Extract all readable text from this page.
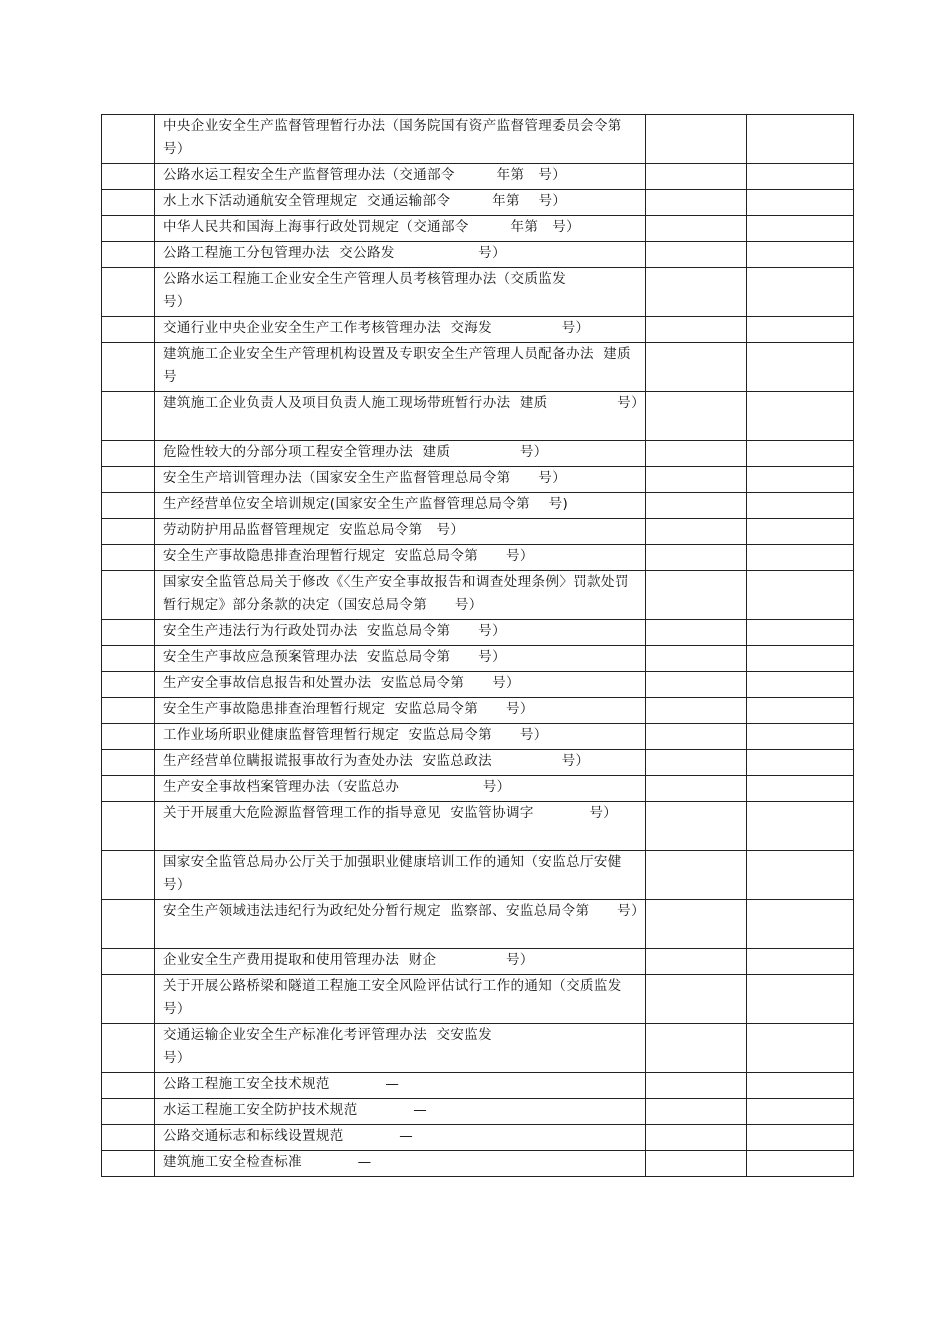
	中央企业安全生产监督管理暂行办法（国务院国有资产监督管理委员会令第　　号）		
	公路水运工程安全生产监督管理办法（交通部令　　　年第　号）		
	水上水下活动通航安全管理规定  交通运输部令　　　年第　 号）		
	中华人民共和国海上海事行政处罚规定（交通部令　　　年第　号）		
	公路工程施工分包管理办法  交公路发　　　　　　号）		
	公路水运工程施工企业安全生产管理人员考核管理办法（交质监发　　　　　号）		
	交通行业中央企业安全生产工作考核管理办法  交海发　　　　　号）		
	建筑施工企业安全生产管理机构设置及专职安全生产管理人员配备办法  建质　　　　　号		
	建筑施工企业负责人及项目负责人施工现场带班暂行办法  建质　　　　　号）		
	危险性较大的分部分项工程安全管理办法  建质　　　　　号）		
	安全生产培训管理办法（国家安全生产监督管理总局令第　　号）		
	生产经营单位安全培训规定(国家安全生产监督管理总局令第　 号)		
	劳动防护用品监督管理规定  安监总局令第　号）		
	安全生产事故隐患排查治理暂行规定  安监总局令第　　号）		
	国家安全监管总局关于修改《〈生产安全事故报告和调查处理条例〉罚款处罚暂行规定》部分条款的决定（国安总局令第　　号）		
	安全生产违法行为行政处罚办法  安监总局令第　　号）		
	安全生产事故应急预案管理办法  安监总局令第　　号）		
	生产安全事故信息报告和处置办法  安监总局令第　　号）		
	安全生产事故隐患排查治理暂行规定  安监总局令第　　号）		
	工作业场所职业健康监督管理暂行规定  安监总局令第　　号）		
	生产经营单位瞒报谎报事故行为查处办法  安监总政法　　　　　号）		
	生产安全事故档案管理办法（安监总办　　　　　　号）		
	关于开展重大危险源监督管理工作的指导意见  安监管协调字　　　　号）		
	国家安全监管总局办公厅关于加强职业健康培训工作的通知（安监总厅安健　　　　　号）		
	安全生产领域违法违纪行为政纪处分暂行规定  监察部、安监总局令第　　号）		
	企业安全生产费用提取和使用管理办法  财企　　　　　号）		
	关于开展公路桥梁和隧道工程施工安全风险评估试行工作的通知（交质监发　　　　　号）		
	交通运输企业安全生产标准化考评管理办法  交安监发
号）		
	公路工程施工安全技术规范　　　　—		
	水运工程施工安全防护技术规范　　　　—		
	公路交通标志和标线设置规范　　　　—		
	建筑施工安全检查标准　　　　—		
